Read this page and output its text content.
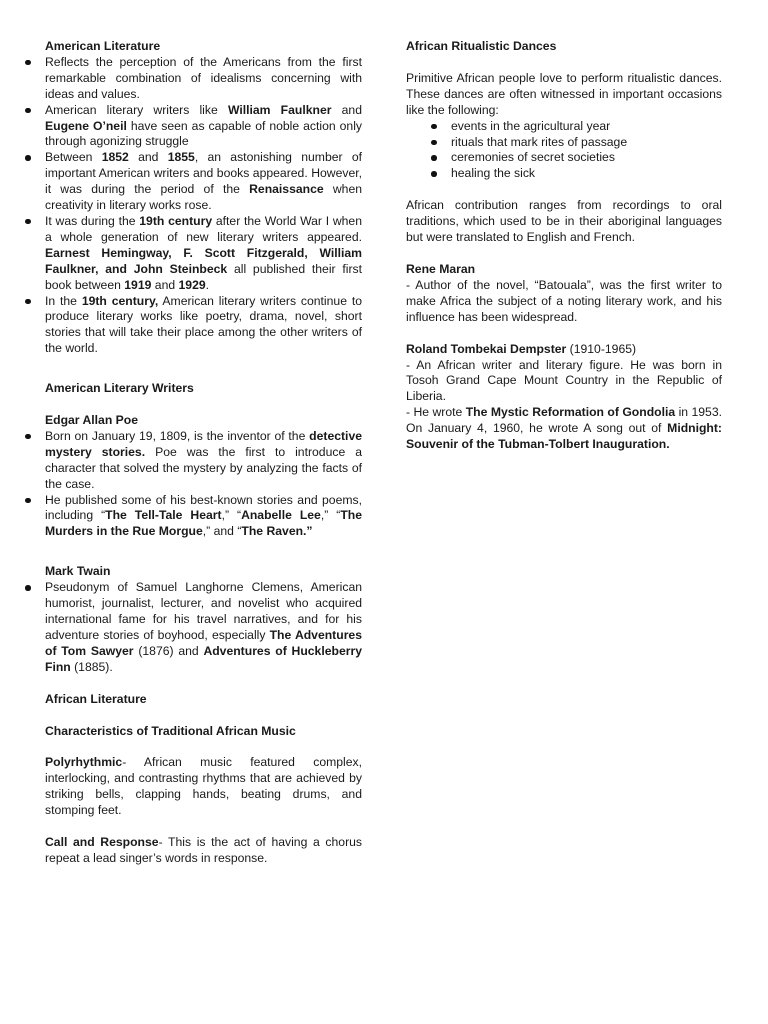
American Literature

Reflects the perception of the Americans from the first remarkable combination of idealisms concerning with ideas and values.
American literary writers like William Faulkner and Eugene O’neil have seen as capable of noble action only through agonizing struggle
Between 1852 and 1855, an astonishing number of important American writers and books appeared. However, it was during the period of the Renaissance when creativity in literary works rose.
It was during the 19th century after the World War I when a whole generation of new literary writers appeared. Earnest Hemingway, F. Scott Fitzgerald, William Faulkner, and John Steinbeck all published their first book between 1919 and 1929.
In the 19th century, American literary writers continue to produce literary works like poetry, drama, novel, short stories that will take their place among the other writers of the world.

American Literary Writers

Edgar Allan Poe

Born on January 19, 1809, is the inventor of the detective mystery stories. Poe was the first to introduce a character that solved the mystery by analyzing the facts of the case.
He published some of his best-known stories and poems, including “The Tell-Tale Heart,” “Anabelle Lee,” “The Murders in the Rue Morgue,” and “The Raven.”

Mark Twain

Pseudonym of Samuel Langhorne Clemens, American humorist, journalist, lecturer, and novelist who acquired international fame for his travel narratives, and for his adventure stories of boyhood, especially The Adventures of Tom Sawyer (1876) and Adventures of Huckleberry Finn (1885).

African Literature

Characteristics of Traditional African Music

Polyrhythmic- African music featured complex, interlocking, and contrasting rhythms that are achieved by striking bells, clapping hands, beating drums, and stomping feet.

Call and Response- This is the act of having a chorus repeat a lead singer’s words in response.

African Ritualistic Dances

Primitive African people love to perform ritualistic dances. These dances are often witnessed in important occasions like the following:

events in the agricultural year
rituals that mark rites of passage
ceremonies of secret societies
healing the sick

African contribution ranges from recordings to oral traditions, which used to be in their aboriginal languages but were translated to English and French.

Rene Maran

- Author of the novel, “Batouala”, was the first writer to make Africa the subject of a noting literary work, and his influence has been widespread.

Roland Tombekai Dempster (1910-1965)

- An African writer and literary figure. He was born in Tosoh Grand Cape Mount Country in the Republic of Liberia.

- He wrote The Mystic Reformation of Gondolia in 1953. On January 4, 1960, he wrote A song out of Midnight: Souvenir of the Tubman-Tolbert Inauguration.
